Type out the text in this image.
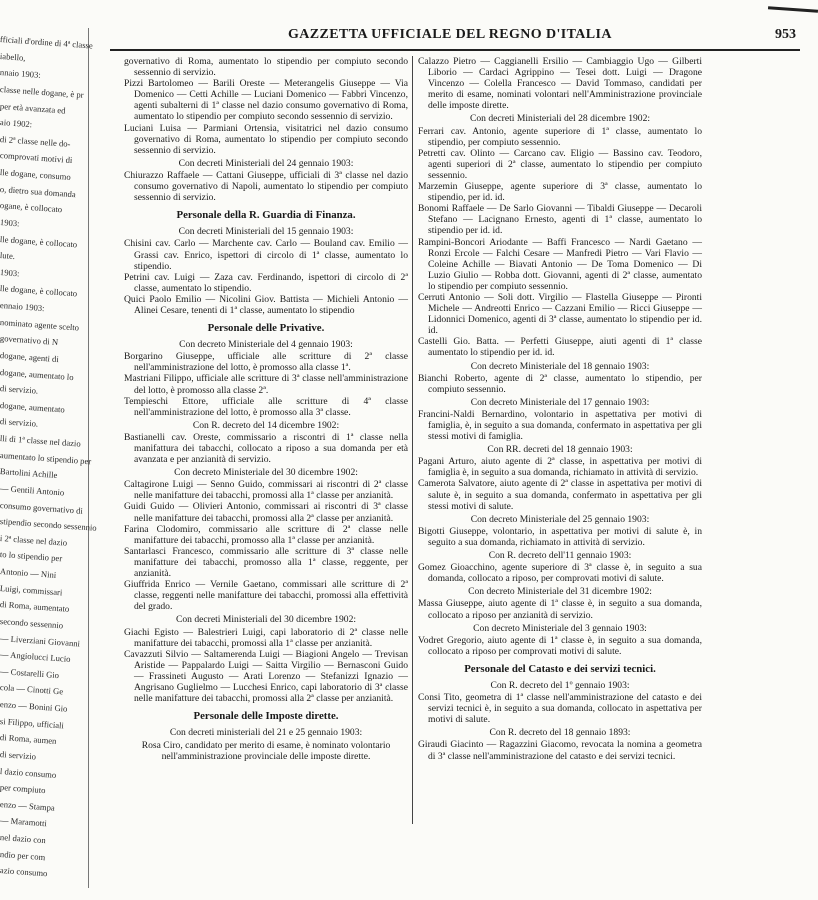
fficiali d'ordine di 4ª classe
iabello,
nnaio 1903:
classe nelle dogane, è pr
per età avanzata ed
aio 1902:
di 2ª classe nelle do-
comprovati motivi di
lle dogane, consumo
o, dietro sua domanda
ogane, è collocato
1903:
lle dogane, è collocato
lute.
1903:
lle dogane, è collocato
ennaio 1903:
nominato agente scelto
governativo di N
dogane, agenti di
dogane, aumentato lo
di servizio.
dogane, aumentato
di servizio.
lli di 1ª classe nel dazio
aumentato lo stipendio per
Bartolini Achille
— Gentili Antonio
consumo governativo di
stipendio secondo sessennio
i 2ª classe nel dazio
to lo stipendio per
Antonio — Nini
Luigi, commissari
di Roma, aumentato
secondo sessennio
— Liverziani Giovanni
— Angiolucci Lucio
— Costarelli Gio
cola — Cinotti Ge
enzo — Bonini Gio
si Filippo, ufficiali
di Roma, aumen
di servizio
l dazio consumo
per compiuto
enzo — Stampa
— Maramotti
nel dazio con
ndio per com
azio consumo
GAZZETTA UFFICIALE DEL REGNO D'ITALIA	953

governativo di Roma, aumentato lo stipendio per compiuto secondo sessennio di servizio.

Pizzi Bartolomeo — Barili Oreste — Meterangelis Giuseppe — Via Domenico — Cetti Achille — Luciani Domenico — Fabbri Vincenzo, agenti subalterni di 1ª classe nel dazio consumo governativo di Roma, aumentato lo stipendio per compiuto secondo sessennio di servizio.

Luciani Luisa — Parmiani Ortensia, visitatrici nel dazio consumo governativo di Roma, aumentato lo stipendio per compiuto secondo sessennio di servizio.

Con decreti Ministeriali del 24 gennaio 1903:

Chiurazzo Raffaele — Cattani Giuseppe, ufficiali di 3ª classe nel dazio consumo governativo di Napoli, aumentato lo stipendio per compiuto sessennio di servizio.

Personale della R. Guardia di Finanza.

Con decreti Ministeriali del 15 gennaio 1903:

Chisini cav. Carlo — Marchente cav. Carlo — Bouland cav. Emilio — Grassi cav. Enrico, ispettori di circolo di 1ª classe, aumentato lo stipendio.

Petrini cav. Luigi — Zaza cav. Ferdinando, ispettori di circolo di 2ª classe, aumentato lo stipendio.

Quici Paolo Emilio — Nicolini Giov. Battista — Michieli Antonio — Alinei Cesare, tenenti di 1ª classe, aumentato lo stipendio

Personale delle Privative.

Con decreto Ministeriale del 4 gennaio 1903:

Borgarino Giuseppe, ufficiale alle scritture di 2ª classe nell'amministrazione del lotto, è promosso alla classe 1ª.

Mastriani Filippo, ufficiale alle scritture di 3ª classe nell'amministrazione del lotto, è promosso alla classe 2ª.

Tempieschi Ettore, ufficiale alle scritture di 4ª classe nell'amministrazione del lotto, è promosso alla 3ª classe.

Con R. decreto del 14 dicembre 1902:

Bastianelli cav. Oreste, commissario a riscontri di 1ª classe nella manifattura dei tabacchi, collocato a riposo a sua domanda per età avanzata e per anzianità di servizio.

Con decreto Ministeriale del 30 dicembre 1902:

Caltagirone Luigi — Senno Guido, commissari ai riscontri di 2ª classe nelle manifatture dei tabacchi, promossi alla 1ª classe per anzianità.

Guidi Guido — Olivieri Antonio, commissari ai riscontri di 3ª classe nelle manifatture dei tabacchi, promossi alla 2ª classe per anzianità.

Farina Clodomiro, commissario alle scritture di 2ª classe nelle manifatture dei tabacchi, promosso alla 1ª classe per anzianità.

Santarlasci Francesco, commissario alle scritture di 3ª classe nelle manifatture dei tabacchi, promosso alla 1ª classe, reggente, per anzianità.

Giuffrida Enrico — Vernile Gaetano, commissari alle scritture di 2ª classe, reggenti nelle manifatture dei tabacchi, promossi alla effettività del grado.

Con decreti Ministeriali del 30 dicembre 1902:

Giachi Egisto — Balestrieri Luigi, capi laboratorio di 2ª classe nelle manifatture dei tabacchi, promossi alla 1ª classe per anzianità.

Cavazzuti Silvio — Saltamerenda Luigi — Biagioni Angelo — Trevisan Aristide — Pappalardo Luigi — Saitta Virgilio — Bernasconi Guido — Frassineti Augusto — Arati Lorenzo — Stefanizzi Ignazio — Angrisano Guglielmo — Lucchesi Enrico, capi laboratorio di 3ª classe nelle manifatture dei tabacchi, promossi alla 2ª classe per anzianità.

Personale delle Imposte dirette.

Con decreti ministeriali del 21 e 25 gennaio 1903:

Rosa Ciro, candidato per merito di esame, è nominato volontario nell'amministrazione provinciale delle imposte dirette.

Calazzo Pietro — Caggianelli Ersilio — Cambiaggio Ugo — Gilberti Liborio — Cardaci Agrippino — Tesei dott. Luigi — Dragone Vincenzo — Colella Francesco — David Tommaso, candidati per merito di esame, nominati volontari nell'Amministrazione provinciale delle imposte dirette.

Con decreti Ministeriali del 28 dicembre 1902:

Ferrari cav. Antonio, agente superiore di 1ª classe, aumentato lo stipendio, per compiuto sessennio.

Petretti cav. Olinto — Carcano cav. Eligio — Bassino cav. Teodoro, agenti superiori di 2ª classe, aumentato lo stipendio per compiuto sessennio.

Marzemin Giuseppe, agente superiore di 3ª classe, aumentato lo stipendio, per id. id.

Bonomi Raffaele — De Sarlo Giovanni — Tibaldi Giuseppe — Decaroli Stefano — Lacignano Ernesto, agenti di 1ª classe, aumentato lo stipendio per id. id.

Rampini-Boncori Ariodante — Baffi Francesco — Nardi Gaetano — Ronzi Ercole — Falchi Cesare — Manfredi Pietro — Vari Flavio — Coleine Achille — Biavati Antonio — De Toma Domenico — Di Luzio Giulio — Robba dott. Giovanni, agenti di 2ª classe, aumentato lo stipendio per compiuto sessennio.

Cerruti Antonio — Soli dott. Virgilio — Flastella Giuseppe — Pironti Michele — Andreotti Enrico — Cazzani Emilio — Ricci Giuseppe — Lidonnici Domenico, agenti di 3ª classe, aumentato lo stipendio per id. id.

Castelli Gio. Batta. — Perfetti Giuseppe, aiuti agenti di 1ª classe aumentato lo stipendio per id. id.

Con decreto Ministeriale del 18 gennaio 1903:

Bianchi Roberto, agente di 2ª classe, aumentato lo stipendio, per compiuto sessennio.

Con decreto Ministeriale del 17 gennaio 1903:

Francini-Naldi Bernardino, volontario in aspettativa per motivi di famiglia, è, in seguito a sua domanda, confermato in aspettativa per gli stessi motivi di famiglia.

Con RR. decreti del 18 gennaio 1903:

Pagani Arturo, aiuto agente di 2ª classe, in aspettativa per motivi di famiglia è, in seguito a sua domanda, richiamato in attività di servizio.

Camerota Salvatore, aiuto agente di 2ª classe in aspettativa per motivi di salute è, in seguito a sua domanda, confermato in aspettativa per gli stessi motivi di salute.

Con decreto Ministeriale del 25 gennaio 1903:

Bigotti Giuseppe, volontario, in aspettativa per motivi di salute è, in seguito a sua domanda, richiamato in attività di servizio.

Con R. decreto dell'11 gennaio 1903:

Gomez Gioacchino, agente superiore di 3ª classe è, in seguito a sua domanda, collocato a riposo, per comprovati motivi di salute.

Con decreto Ministeriale del 31 dicembre 1902:

Massa Giuseppe, aiuto agente di 1ª classe è, in seguito a sua domanda, collocato a riposo per anzianità di servizio.

Con decreto Ministeriale del 3 gennaio 1903:

Vodret Gregorio, aiuto agente di 1ª classe è, in seguito a sua domanda, collocato a riposo per comprovati motivi di salute.

Personale del Catasto e dei servizi tecnici.

Con R. decreto del 1º gennaio 1903:

Consi Tito, geometra di 1ª classe nell'amministrazione del catasto e dei servizi tecnici è, in seguito a sua domanda, collocato in aspettativa per motivi di salute.

Con R. decreto del 18 gennaio 1893:

Giraudi Giacinto — Ragazzini Giacomo, revocata la nomina a geometra di 3ª classe nell'amministrazione del catasto e dei servizi tecnici.
